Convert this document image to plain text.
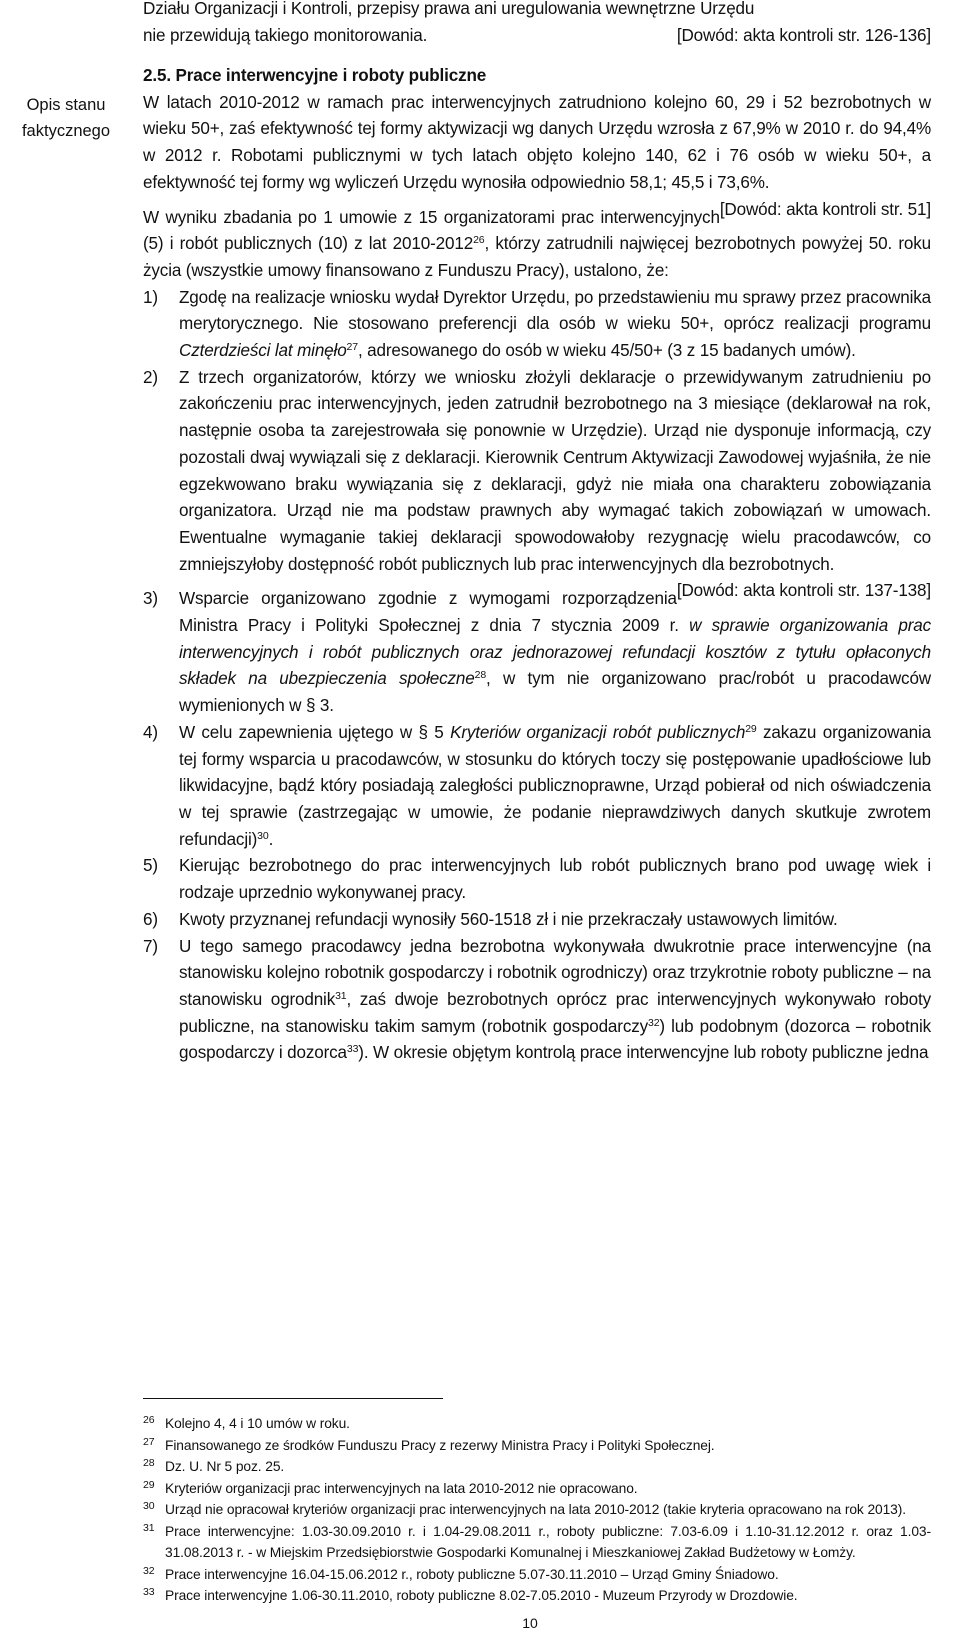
Działu Organizacji i Kontroli, przepisy prawa ani uregulowania wewnętrzne Urzędu

nie przewidują takiego monitorowania.	[Dowód: akta kontroli str. 126-136]

Opis stanu
faktycznego

2.5. Prace interwencyjne i roboty publiczne

W latach 2010-2012 w ramach prac interwencyjnych zatrudniono kolejno 60, 29 i 52 bezrobotnych w wieku 50+, zaś efektywność tej formy aktywizacji wg danych Urzędu wzrosła z 67,9% w 2010 r. do 94,4% w 2012 r. Robotami publicznymi w tych latach objęto kolejno 140, 62 i 76 osób w wieku 50+, a efektywność tej formy wg wyliczeń Urzędu wynosiła odpowiednio 58,1; 45,5 i 73,6%.
[Dowód: akta kontroli str. 51]

W wyniku zbadania po 1 umowie z 15 organizatorami prac interwencyjnych (5) i robót publicznych (10) z lat 2010-2012$^{26}$, którzy zatrudnili najwięcej bezrobotnych powyżej 50. roku życia (wszystkie umowy finansowano z Funduszu Pracy), ustalono, że:

1) Zgodę na realizacje wniosku wydał Dyrektor Urzędu, po przedstawieniu mu sprawy przez pracownika merytorycznego. Nie stosowano preferencji dla osób w wieku 50+, oprócz realizacji programu Czterdzieści lat minęło$^{27}$, adresowanego do osób w wieku 45/50+ (3 z 15 badanych umów).
2) Z trzech organizatorów, którzy we wniosku złożyli deklaracje o przewidywanym zatrudnieniu po zakończeniu prac interwencyjnych, jeden zatrudnił bezrobotnego na 3 miesiące (deklarował na rok, następnie osoba ta zarejestrowała się ponownie w Urzędzie). Urząd nie dysponuje informacją, czy pozostali dwaj wywiązali się z deklaracji. Kierownik Centrum Aktywizacji Zawodowej wyjaśniła, że nie egzekwowano braku wywiązania się z deklaracji, gdyż nie miała ona charakteru zobowiązania organizatora. Urząd nie ma podstaw prawnych aby wymagać takich zobowiązań w umowach. Ewentualne wymaganie takiej deklaracji spowodowałoby rezygnację wielu pracodawców, co zmniejszyłoby dostępność robót publicznych lub prac interwencyjnych dla bezrobotnych.
[Dowód: akta kontroli str. 137-138]
3) Wsparcie organizowano zgodnie z wymogami rozporządzenia Ministra Pracy i Polityki Społecznej z dnia 7 stycznia 2009 r. w sprawie organizowania prac interwencyjnych i robót publicznych oraz jednorazowej refundacji kosztów z tytułu opłaconych składek na ubezpieczenia społeczne$^{28}$, w tym nie organizowano prac/robót u pracodawców wymienionych w § 3.
4) W celu zapewnienia ujętego w § 5 Kryteriów organizacji robót publicznych$^{29}$ zakazu organizowania tej formy wsparcia u pracodawców, w stosunku do których toczy się postępowanie upadłościowe lub likwidacyjne, bądź który posiadają zaległości publicznoprawne, Urząd pobierał od nich oświadczenia w tej sprawie (zastrzegając w umowie, że podanie nieprawdziwych danych skutkuje zwrotem refundacji)$^{30}$.
5) Kierując bezrobotnego do prac interwencyjnych lub robót publicznych brano pod uwagę wiek i rodzaje uprzednio wykonywanej pracy.
6) Kwoty przyznanej refundacji wynosiły 560-1518 zł i nie przekraczały ustawowych limitów.
7) U tego samego pracodawcy jedna bezrobotna wykonywała dwukrotnie prace interwencyjne (na stanowisku kolejno robotnik gospodarczy i robotnik ogrodniczy) oraz trzykrotnie roboty publiczne – na stanowisku ogrodnik$^{31}$, zaś dwoje bezrobotnych oprócz prac interwencyjnych wykonywało roboty publiczne, na stanowisku takim samym (robotnik gospodarczy$^{32}$) lub podobnym (dozorca – robotnik gospodarczy i dozorca$^{33}$). W okresie objętym kontrolą prace interwencyjne lub roboty publiczne jedna
26 Kolejno 4, 4 i 10 umów w roku.
27 Finansowanego ze środków Funduszu Pracy z rezerwy Ministra Pracy i Polityki Społecznej.
28 Dz. U. Nr 5 poz. 25.
29 Kryteriów organizacji prac interwencyjnych na lata 2010-2012 nie opracowano.
30 Urząd nie opracował kryteriów organizacji prac interwencyjnych na lata 2010-2012 (takie kryteria opracowano na rok 2013).
31 Prace interwencyjne: 1.03-30.09.2010 r. i 1.04-29.08.2011 r., roboty publiczne: 7.03-6.09 i 1.10-31.12.2012 r. oraz 1.03-31.08.2013 r. - w Miejskim Przedsiębiorstwie Gospodarki Komunalnej i Mieszkaniowej Zakład Budżetowy w Łomży.
32 Prace interwencyjne 16.04-15.06.2012 r., roboty publiczne 5.07-30.11.2010 – Urząd Gminy Śniadowo.
33 Prace interwencyjne 1.06-30.11.2010, roboty publiczne 8.02-7.05.2010 - Muzeum Przyrody w Drozdowie.
10
